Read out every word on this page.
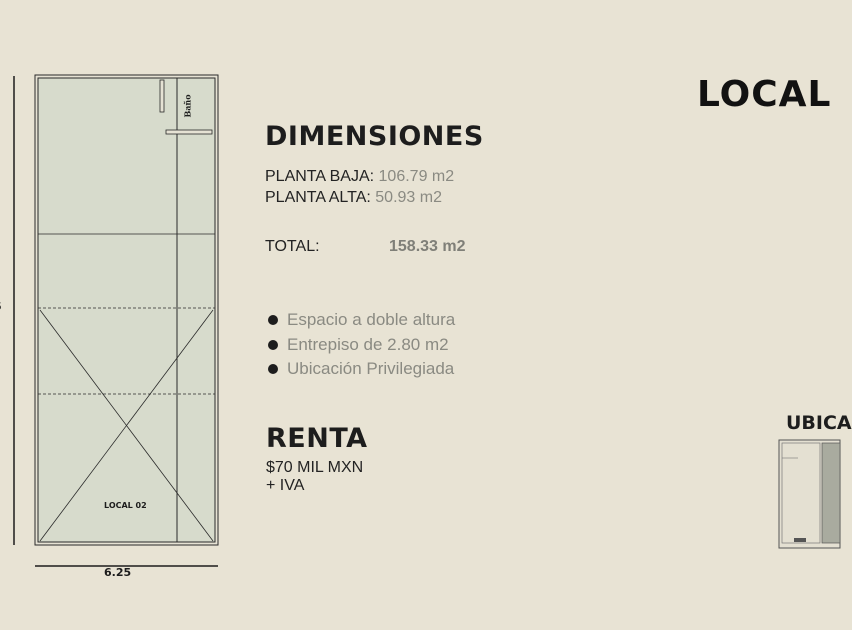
Baño
LOCAL 02
6.25
LOCAL
DIMENSIONES
PLANTA BAJA: 106.79 m2
PLANTA ALTA: 50.93 m2
TOTAL:	158.33 m2
Espacio a doble altura
Entrepiso de 2.80 m2
Ubicación Privilegiada
RENTA
$70 MIL MXN
+ IVA
UBICA
